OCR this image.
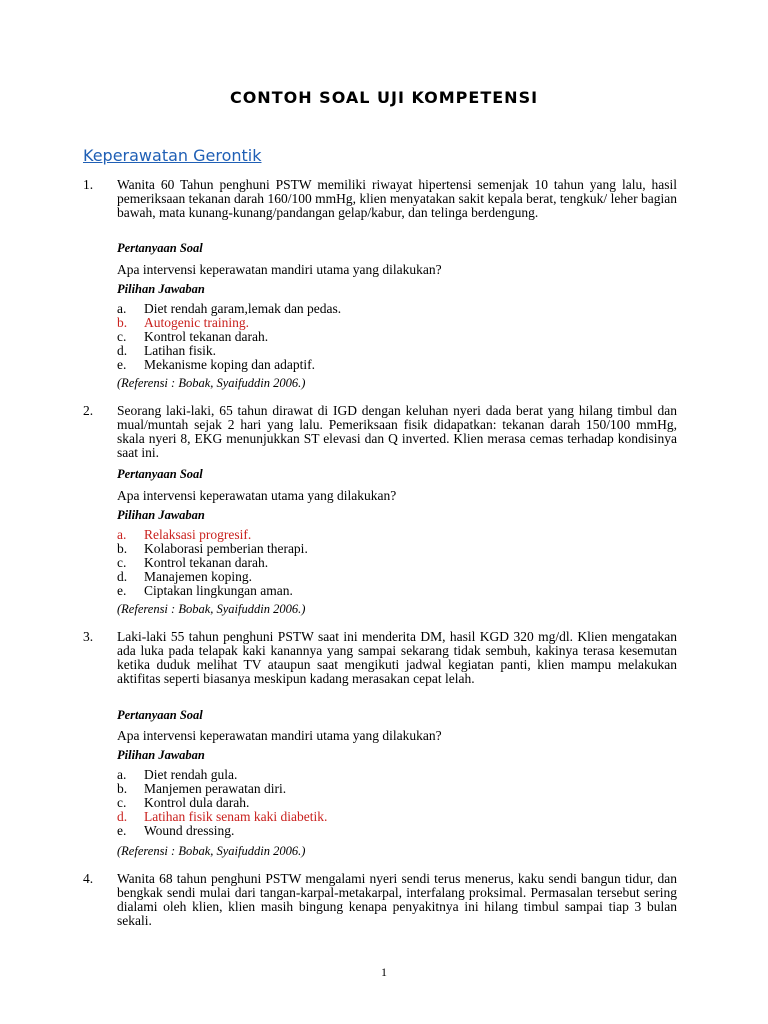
CONTOH SOAL UJI KOMPETENSI
Keperawatan Gerontik
1. Wanita 60 Tahun penghuni PSTW memiliki riwayat hipertensi semenjak 10 tahun yang lalu, hasil pemeriksaan tekanan darah 160/100 mmHg, klien menyatakan sakit kepala berat, tengkuk/ leher bagian bawah, mata kunang-kunang/pandangan gelap/kabur, dan telinga berdengung.
Pertanyaan Soal
Apa intervensi keperawatan mandiri utama yang dilakukan?
Pilihan Jawaban
a.	Diet rendah garam,lemak dan pedas.
b.	Autogenic training.
c.	Kontrol tekanan darah.
d.	Latihan fisik.
e.	Mekanisme koping dan adaptif.
(Referensi : Bobak, Syaifuddin 2006.)
2. Seorang laki-laki, 65 tahun dirawat di IGD dengan keluhan nyeri dada berat yang hilang timbul dan mual/muntah sejak 2 hari yang lalu. Pemeriksaan fisik didapatkan: tekanan darah 150/100 mmHg, skala nyeri 8, EKG menunjukkan ST elevasi dan Q inverted. Klien merasa cemas terhadap kondisinya saat ini.
Pertanyaan Soal
Apa intervensi keperawatan utama yang dilakukan?
Pilihan Jawaban
a.	Relaksasi progresif.
b.	Kolaborasi pemberian therapi.
c.	Kontrol tekanan darah.
d.	Manajemen koping.
e.	Ciptakan lingkungan aman.
(Referensi : Bobak, Syaifuddin 2006.)
3. Laki-laki 55 tahun penghuni PSTW saat ini menderita DM, hasil KGD 320 mg/dl. Klien mengatakan ada luka pada telapak kaki kanannya yang sampai sekarang tidak sembuh, kakinya terasa kesemutan ketika duduk melihat TV ataupun saat mengikuti jadwal kegiatan panti, klien mampu melakukan aktifitas seperti biasanya meskipun kadang merasakan cepat lelah.
Pertanyaan Soal
Apa intervensi keperawatan mandiri utama yang dilakukan?
Pilihan Jawaban
a.	Diet rendah gula.
b.	Manjemen perawatan diri.
c.	Kontrol dula darah.
d.	Latihan fisik senam kaki diabetik.
e.	Wound dressing.
(Referensi : Bobak, Syaifuddin 2006.)
4. Wanita 68 tahun penghuni PSTW mengalami nyeri sendi terus menerus, kaku sendi bangun tidur, dan bengkak sendi mulai dari tangan-karpal-metakarpal, interfalang proksimal. Permasalan tersebut sering dialami oleh klien, klien masih bingung kenapa penyakitnya ini hilang timbul sampai tiap 3 bulan sekali.
1
